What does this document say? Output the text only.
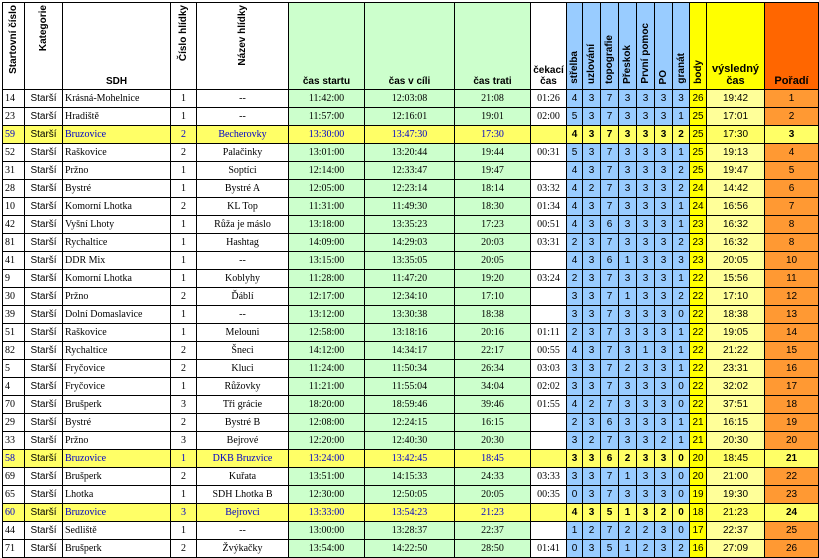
Startovní číslo	Kategorie	SDH	Číslo hlídky	Název hlídky	čas startu	čas v cíli	čas trati	čekací čas	střelba	uzlování	topografie	Přeskok	První pomoc	PO	granát	body	výsledný čas	Pořadí
14	Starší	Krásná-Mohelnice	1	--	11:42:00	12:03:08	21:08	01:26	4	3	7	3	3	3	3	26	19:42	1
23	Starší	Hradiště	1	--	11:57:00	12:16:01	19:01	02:00	5	3	7	3	3	3	1	25	17:01	2
59	Starší	Bruzovice	2	Becherovky	13:30:00	13:47:30	17:30		4	3	7	3	3	3	2	25	17:30	3
52	Starší	Raškovice	2	Palačinky	13:01:00	13:20:44	19:44	00:31	5	3	7	3	3	3	1	25	19:13	4
31	Starší	Pržno	1	Soptíci	12:14:00	12:33:47	19:47		4	3	7	3	3	3	2	25	19:47	5
28	Starší	Bystré	1	Bystré A	12:05:00	12:23:14	18:14	03:32	4	2	7	3	3	3	2	24	14:42	6
10	Starší	Komorní Lhotka	2	KL Top	11:31:00	11:49:30	18:30	01:34	4	3	7	3	3	3	1	24	16:56	7
42	Starší	Vyšní Lhoty	1	Růža je máslo	13:18:00	13:35:23	17:23	00:51	4	3	6	3	3	3	1	23	16:32	8
81	Starší	Rychaltice	1	Hashtag	14:09:00	14:29:03	20:03	03:31	2	3	7	3	3	3	2	23	16:32	8
41	Starší	DDR Mix	1	--	13:15:00	13:35:05	20:05		4	3	6	1	3	3	3	23	20:05	10
9	Starší	Komorní Lhotka	1	Koblyhy	11:28:00	11:47:20	19:20	03:24	2	3	7	3	3	3	1	22	15:56	11
30	Starší	Pržno	2	Ďáblí	12:17:00	12:34:10	17:10		3	3	7	1	3	3	2	22	17:10	12
39	Starší	Dolní Domaslavice	1	--	13:12:00	13:30:38	18:38		3	3	7	3	3	3	0	22	18:38	13
51	Starší	Raškovice	1	Melouni	12:58:00	13:18:16	20:16	01:11	2	3	7	3	3	3	1	22	19:05	14
82	Starší	Rychaltice	2	Šneci	14:12:00	14:34:17	22:17	00:55	4	3	7	3	1	3	1	22	21:22	15
5	Starší	Fryčovice	2	Kluci	11:24:00	11:50:34	26:34	03:03	3	3	7	2	3	3	1	22	23:31	16
4	Starší	Fryčovice	1	Růžovky	11:21:00	11:55:04	34:04	02:02	3	3	7	3	3	3	0	22	32:02	17
70	Starší	Brušperk	3	Tři grácie	18:20:00	18:59:46	39:46	01:55	4	2	7	3	3	3	0	22	37:51	18
29	Starší	Bystré	2	Bystré B	12:08:00	12:24:15	16:15		2	3	6	3	3	3	1	21	16:15	19
33	Starší	Pržno	3	Bejrové	12:20:00	12:40:30	20:30		3	2	7	3	3	2	1	21	20:30	20
58	Starší	Bruzovice	1	DKB Bruzvice	13:24:00	13:42:45	18:45		3	3	6	2	3	3	0	20	18:45	21
69	Starší	Brušperk	2	Kuřata	13:51:00	14:15:33	24:33	03:33	3	3	7	1	3	3	0	20	21:00	22
65	Starší	Lhotka	1	SDH Lhotka B	12:30:00	12:50:05	20:05	00:35	0	3	7	3	3	3	0	19	19:30	23
60	Starší	Bruzovice	3	Bejrovci	13:33:00	13:54:23	21:23		4	3	5	1	3	2	0	18	21:23	24
44	Starší	Sedliště	1	--	13:00:00	13:28:37	22:37		1	2	7	2	2	3	0	17	22:37	25
71	Starší	Brušperk	2	Žvýkačky	13:54:00	14:22:50	28:50	01:41	0	3	5	1	2	3	2	16	27:09	26
